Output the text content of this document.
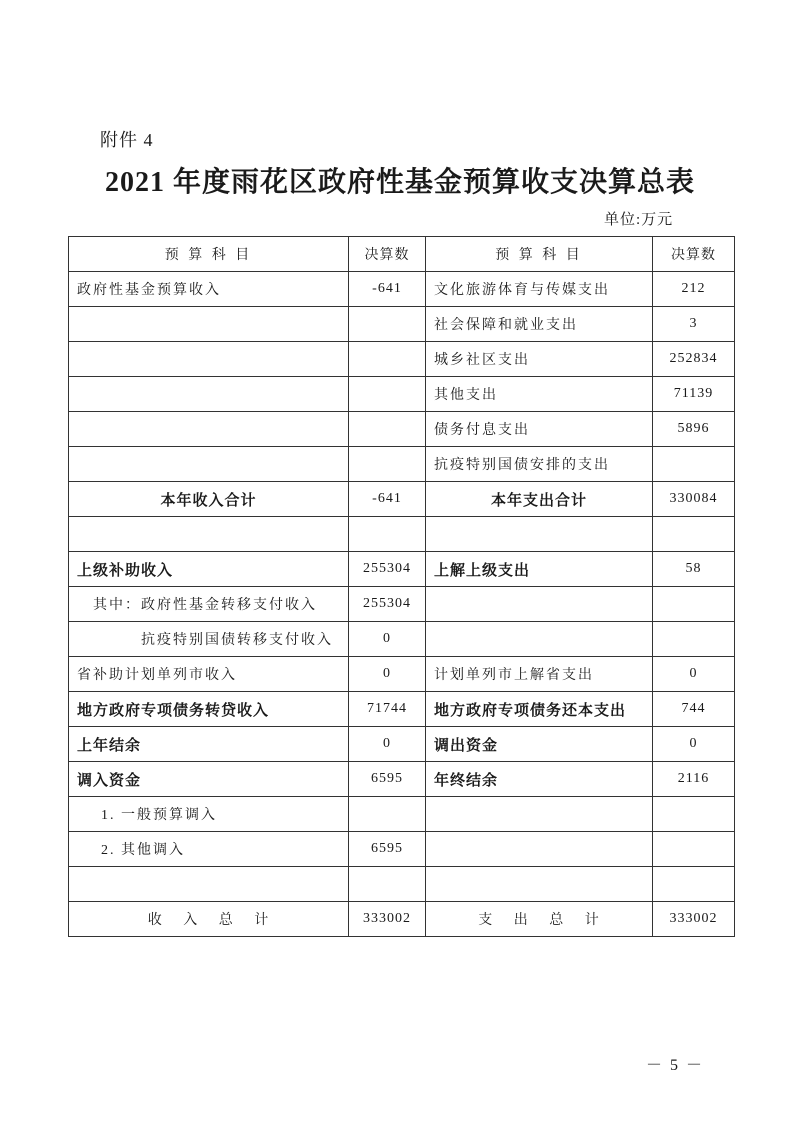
附件 4
2021 年度雨花区政府性基金预算收支决算总表
单位:万元
预 算 科 目	决算数	预 算 科 目	决算数
政府性基金预算收入	-641	文化旅游体育与传媒支出	212
		社会保障和就业支出	3
		城乡社区支出	252834
		其他支出	71139
		债务付息支出	5896
		抗疫特别国债安排的支出	
本年收入合计	-641	本年支出合计	330084

上级补助收入	255304	上解上级支出	58
其中：政府性基金转移支付收入	255304		
抗疫特别国债转移支付收入	0		
省补助计划单列市收入	0	计划单列市上解省支出	0
地方政府专项债务转贷收入	71744	地方政府专项债务还本支出	744
上年结余	0	调出资金	0
调入资金	6595	年终结余	2116
1. 一般预算调入			
2. 其他调入	6595		

收 入 总 计	333002	支 出 总 计	333002
－ 5 －
